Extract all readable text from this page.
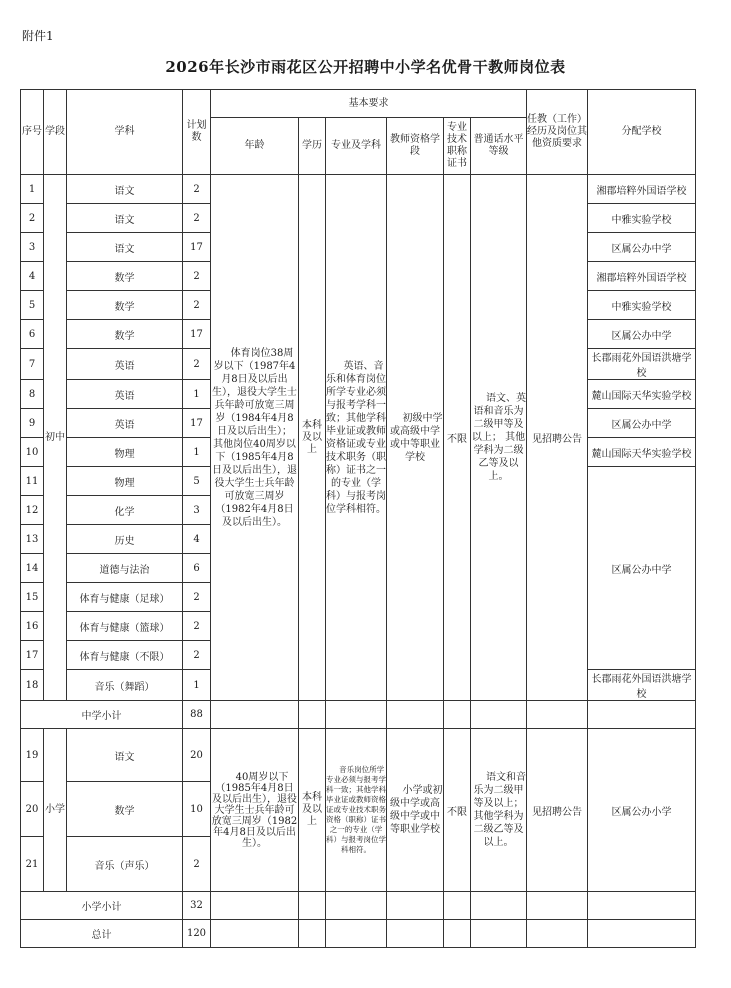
附件1
2026年长沙市雨花区公开招聘中小学名优骨干教师岗位表
序号	学段	学科	计划数	基本要求						任教（工作）经历及岗位其他资质要求	分配学校
				年龄	学历	专业及学科	教师资格学段	专业技术职称证书	普通话水平等级		
1	初中	语文	2	体育岗位38周岁以下（1987年4月8日及以后出生），退役大学生士兵年龄可放宽三周岁（1984年4月8日及以后出生）； 其他岗位40周岁以下（1985年4月8日及以后出生），退役大学生士兵年龄可放宽三周岁（1982年4月8日及以后出生）。	本科及以上	英语、音乐和体育岗位所学专业必须与报考学科一致；其他学科毕业证或教师资格证或专业技术职务（职称）证书之一的专业（学科）与报考岗位学科相符。	初级中学或高级中学或中等职业学校	不限	语文、英语和音乐为二级甲等及以上； 其他学科为二级乙等及以上。	见招聘公告	湘郡培粹外国语学校
2		语文	2								中雅实验学校
3		语文	17								区属公办中学
4		数学	2								湘郡培粹外国语学校
5		数学	2								中雅实验学校
6		数学	17								区属公办中学
7		英语	2								长郡雨花外国语洪塘学校
8		英语	1								麓山国际天华实验学校
9		英语	17								区属公办中学
10		物理	1								麓山国际天华实验学校
11		物理	5								区属公办中学
12		化学	3								
13		历史	4								
14		道德与法治	6								
15		体育与健康（足球）	2								
16		体育与健康（篮球）	2								
17		体育与健康（不限）	2								
18		音乐（舞蹈）	1								长郡雨花外国语洪塘学校
中学小计			88								
19	小学	语文	20	40周岁以下（1985年4月8日及以后出生），退役大学生士兵年龄可放宽三周岁（1982年4月8日及以后出生）。	本科及以上	音乐岗位所学专业必须与报考学科一致；其他学科毕业证或教师资格证或专业技术职务资格（职称）证书之一的专业（学科）与报考岗位学科相符。	小学或初级中学或高级中学或中等职业学校	不限	语文和音乐为二级甲等及以上； 其他学科为二级乙等及以上。	见招聘公告	区属公办小学
20		数学	10								
21		音乐（声乐）	2								
小学小计			32								
总计			120								
